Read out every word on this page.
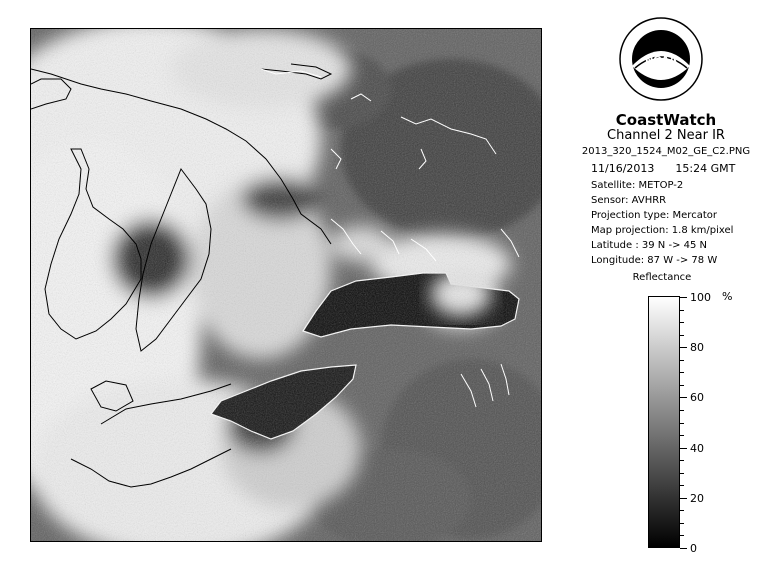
NOAA
CoastWatch
Channel 2 Near IR
2013_320_1524_M02_GE_C2.PNG
11/16/2013 15:24 GMT
Satellite: METOP-2
Sensor: AVHRR
Projection type: Mercator
Map projection: 1.8 km/pixel
Latitude : 39 N -> 45 N
Longitude: 87 W -> 78 W
Reflectance
%
100
80
60
40
20
0
